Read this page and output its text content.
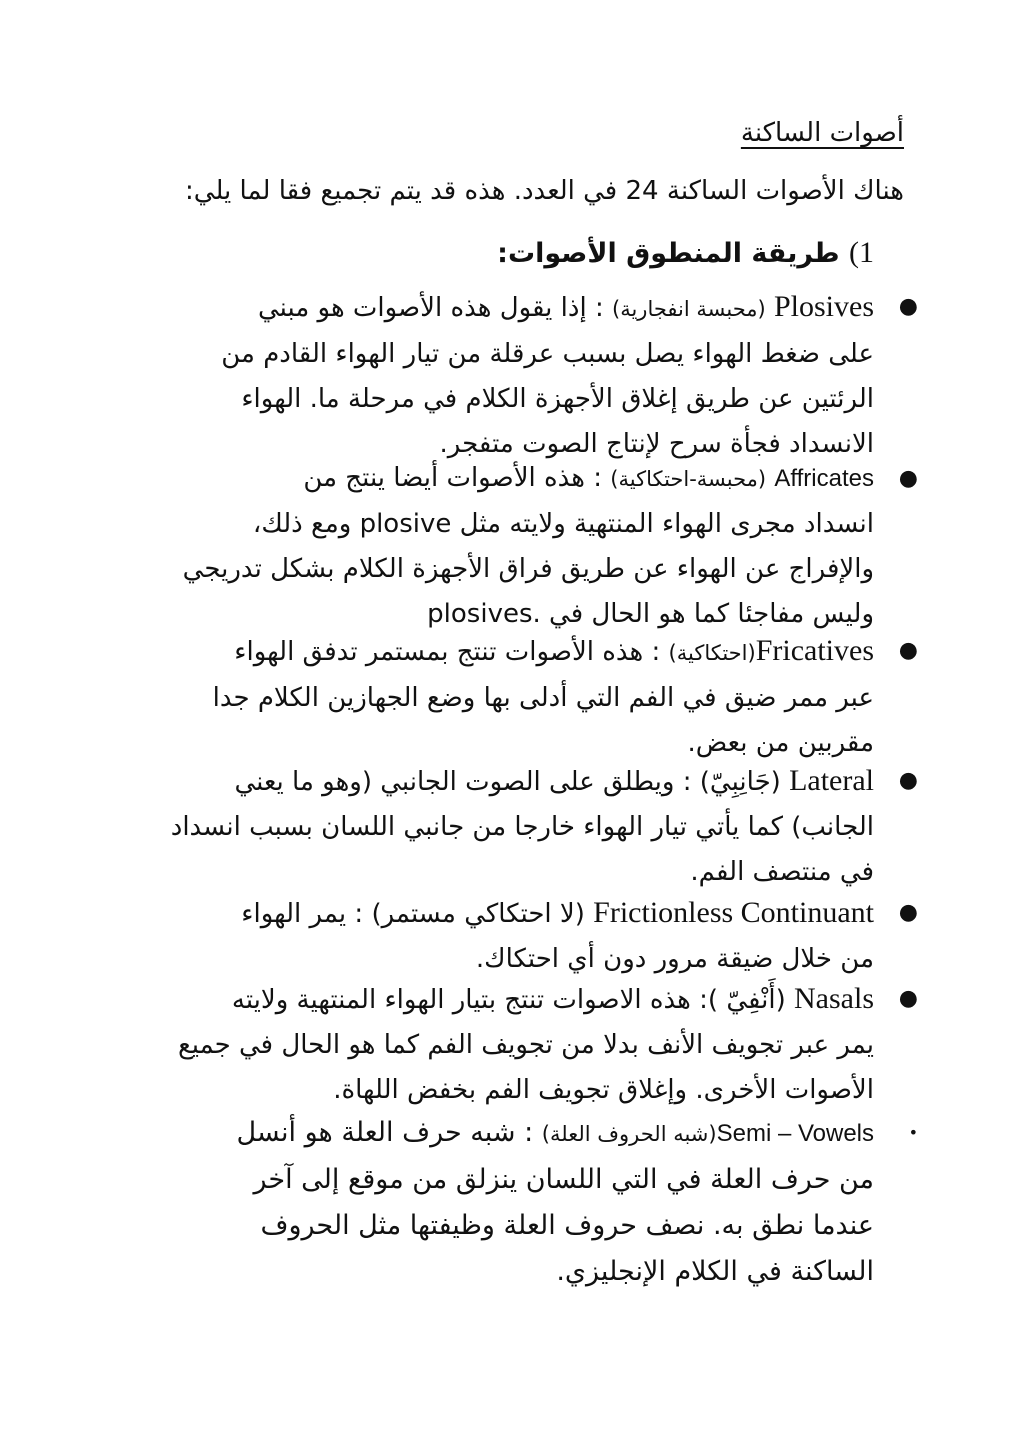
أصوات الساكنة
هناك الأصوات الساكنة 24 في العدد. هذه قد يتم تجميع فقا لما يلي:
1) طريقة المنطوق الأصوات:
●
Plosives (محبسة انفجارية) : إذا يقول هذه الأصوات هو مبني
على ضغط الهواء يصل بسبب عرقلة من تيار الهواء القادم من
الرئتين عن طريق إغلاق الأجهزة الكلام في مرحلة ما. الهواء
الانسداد فجأة سرح لإنتاج الصوت متفجر.
●
Affricates (محبسة-احتكاكية) : هذه الأصوات أيضا ينتج من
انسداد مجرى الهواء المنتهية ولايته مثل plosive ومع ذلك،
والإفراج عن الهواء عن طريق فراق الأجهزة الكلام بشكل تدريجي
وليس مفاجئا كما هو الحال في .plosives
●
Fricatives(احتكاكية) : هذه الأصوات تنتج بمستمر تدفق الهواء
عبر ممر ضيق في الفم التي أدلى بها وضع الجهازين الكلام جدا
مقربين من بعض.
●
Lateral (جَانِبِيّ) : ويطلق على الصوت الجانبي (وهو ما يعني
الجانب) كما يأتي تيار الهواء خارجا من جانبي اللسان بسبب انسداد
في منتصف الفم.
●
Frictionless Continuant (لا احتكاكي مستمر) : يمر الهواء
من خلال ضيقة مرور دون أي احتكاك.
●
Nasals (أَنْفِيّ ): هذه الاصوات تنتج بتيار الهواء المنتهية ولايته
يمر عبر تجويف الأنف بدلا من تجويف الفم كما هو الحال في جميع
الأصوات الأخرى. وإغلاق تجويف الفم بخفض اللهاة.
•
Semi – Vowels(شبه الحروف العلة) : شبه حرف العلة هو أنسل
من حرف العلة في التي اللسان ينزلق من موقع إلى آخر
عندما نطق به. نصف حروف العلة وظيفتها مثل الحروف
الساكنة في الكلام الإنجليزي.
